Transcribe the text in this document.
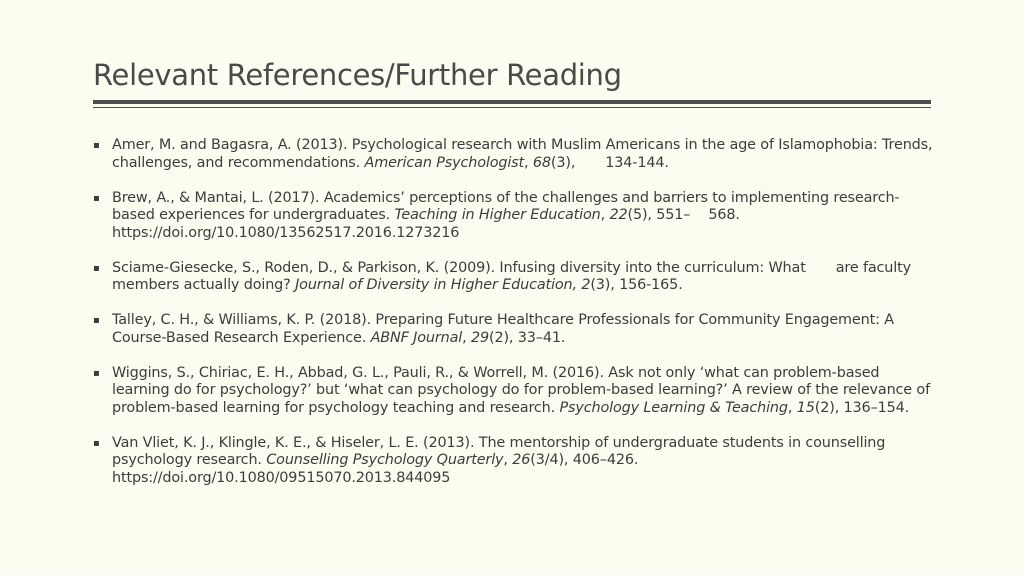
Relevant References/Further Reading
▪ Amer, M. and Bagasra, A. (2013). Psychological research with Muslim Americans in the age of Islamophobia: Trends, challenges, and recommendations. American Psychologist, 68(3), 134-144.
▪ Brew, A., & Mantai, L. (2017). Academics’ perceptions of the challenges and barriers to implementing research-based experiences for undergraduates. Teaching in Higher Education, 22(5), 551– 568. https://doi.org/10.1080/13562517.2016.1273216
▪ Sciame-Giesecke, S., Roden, D., & Parkison, K. (2009). Infusing diversity into the curriculum: What are faculty members actually doing? Journal of Diversity in Higher Education, 2(3), 156-165.
▪ Talley, C. H., & Williams, K. P. (2018). Preparing Future Healthcare Professionals for Community Engagement: A Course-Based Research Experience. ABNF Journal, 29(2), 33–41.
▪ Wiggins, S., Chiriac, E. H., Abbad, G. L., Pauli, R., & Worrell, M. (2016). Ask not only ‘what can problem-based learning do for psychology?’ but ‘what can psychology do for problem-based learning?’ A review of the relevance of problem-based learning for psychology teaching and research. Psychology Learning & Teaching, 15(2), 136–154.
▪ Van Vliet, K. J., Klingle, K. E., & Hiseler, L. E. (2013). The mentorship of undergraduate students in counselling psychology research. Counselling Psychology Quarterly, 26(3/4), 406–426. https://doi.org/10.1080/09515070.2013.844095
